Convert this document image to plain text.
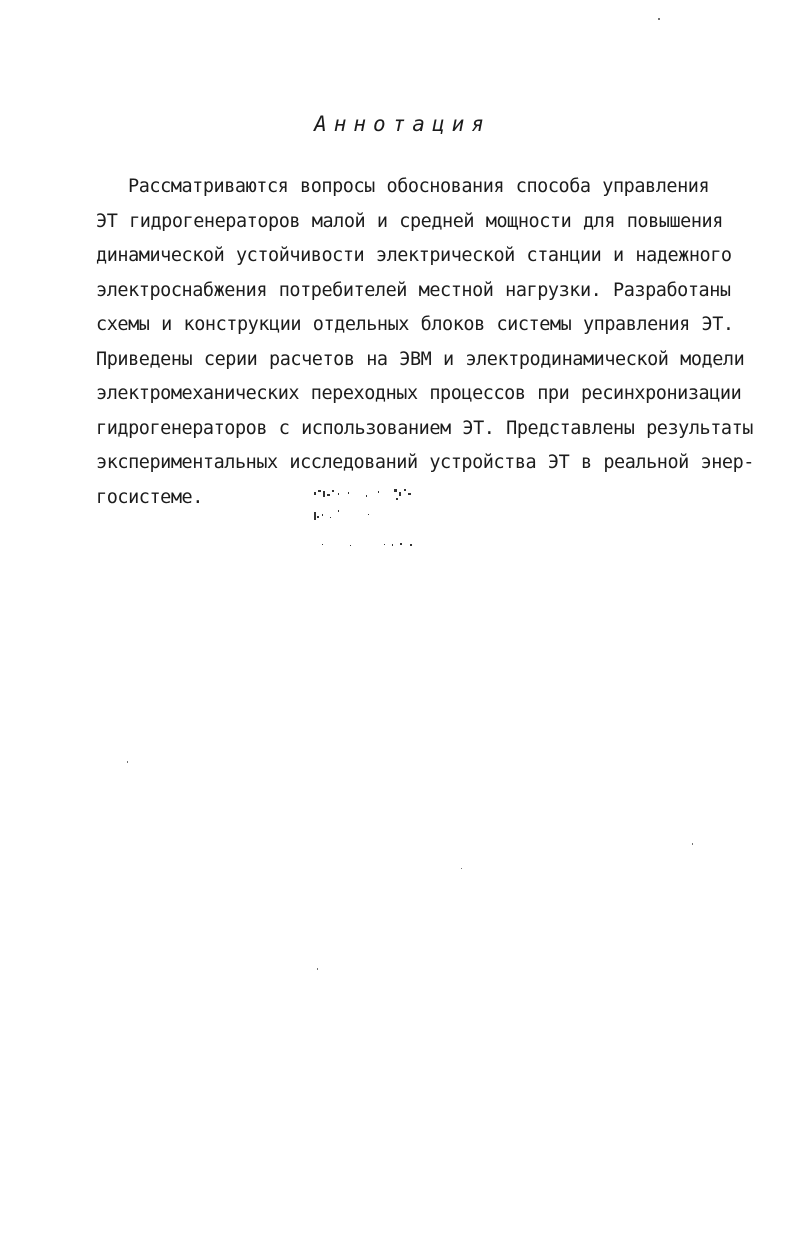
Аннотация
Рассматриваются вопросы обоснования способа управления
ЭТ гидрогенераторов малой и средней мощности для повышения
динамической устойчивости электрической станции и надежного
электроснабжения потребителей местной нагрузки. Разработаны
схемы и конструкции отдельных блоков системы управления ЭТ.
Приведены серии расчетов на ЭВМ и электродинамической модели
электромеханических переходных процессов при ресинхронизации
гидрогенераторов с использованием ЭТ. Представлены результаты
экспериментальных исследований устройства ЭТ в реальной энер-
госистеме.
